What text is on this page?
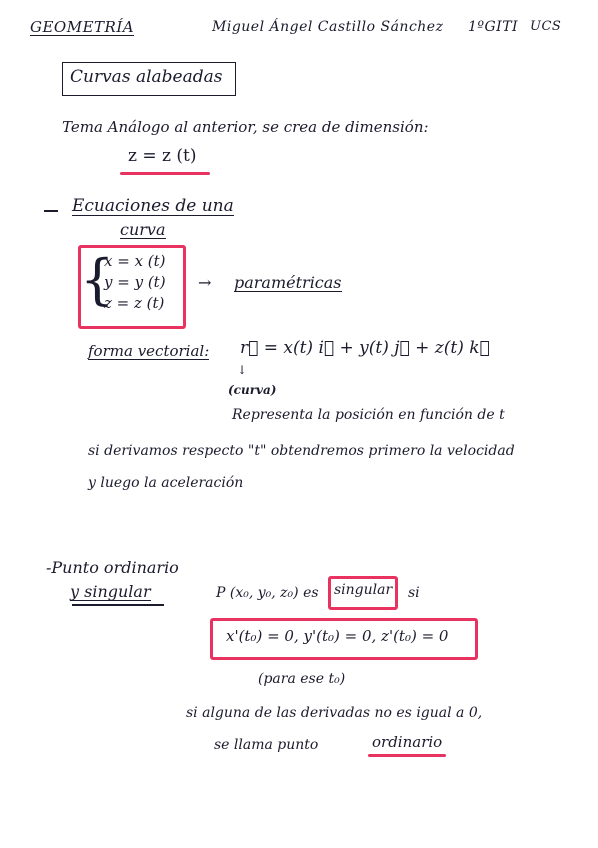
GEOMETRÍA	Miguel Ángel Castillo Sánchez 1ºGITI UCS
Curvas alabeadas
Tema Análogo al anterior, se crea de dimensión:
z = z (t)
Ecuaciones de una
curva
{
x = x (t)
y = y (t)
z = z (t)
→ paramétricas
forma vectorial: r⃗ = x(t) i⃗ + y(t) j⃗ + z(t) k⃗
↓
(curva)
Representa la posición en función de t
si derivamos respecto "t" obtendremos primero la velocidad
y luego la aceleración
-Punto ordinario
y singular	P (x₀, y₀, z₀) es singular si
x'(t₀) = 0, y'(t₀) = 0, z'(t₀) = 0
(para ese t₀)
si alguna de las derivadas no es igual a 0,
se llama punto	ordinario
